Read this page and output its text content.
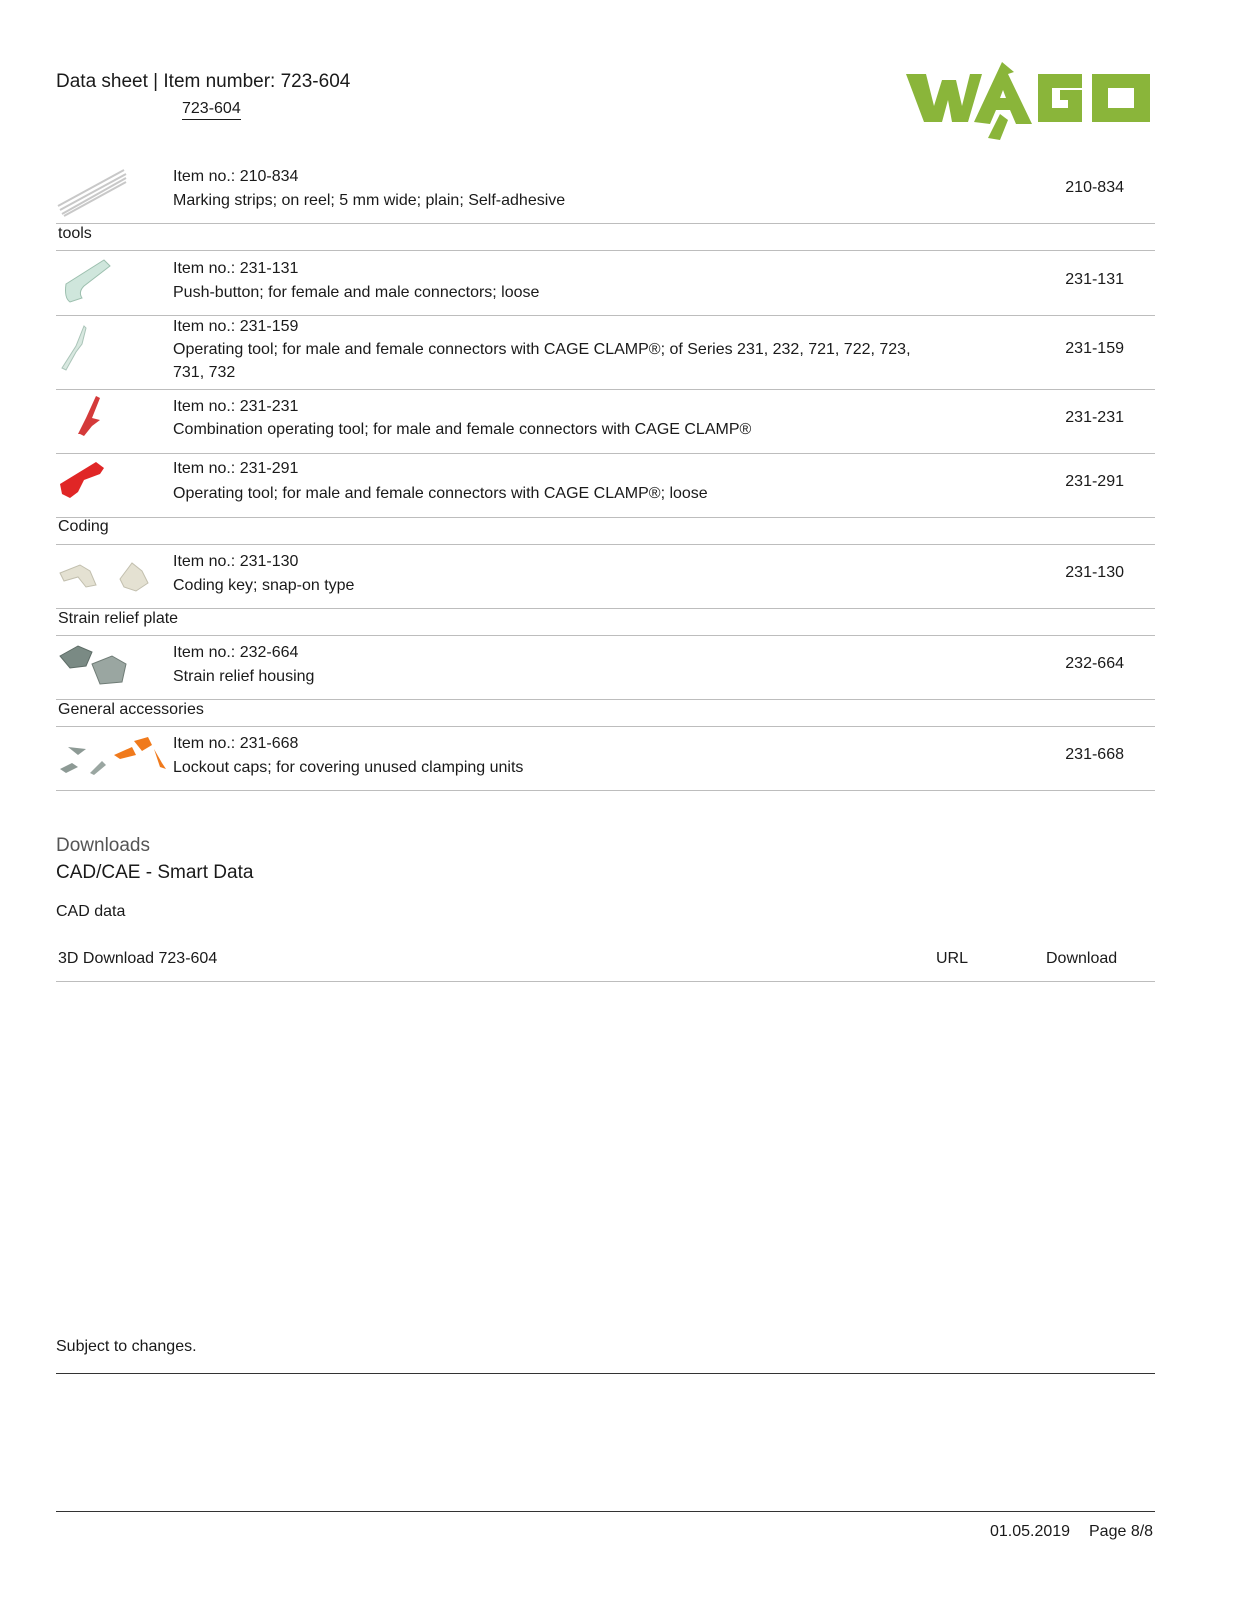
Data sheet | Item number: 723-604
723-604
Item no.: 210-834
Marking strips; on reel; 5 mm wide; plain; Self-adhesive
210-834
tools
Item no.: 231-131
Push-button; for female and male connectors; loose
231-131
Item no.: 231-159
Operating tool; for male and female connectors with CAGE CLAMP®; of Series 231, 232, 721, 722, 723, 731, 732
231-159
Item no.: 231-231
Combination operating tool; for male and female connectors with CAGE CLAMP®
231-231
Item no.: 231-291
Operating tool; for male and female connectors with CAGE CLAMP®; loose
231-291
Coding
Item no.: 231-130
Coding key; snap-on type
231-130
Strain relief plate
Item no.: 232-664
Strain relief housing
232-664
General accessories
Item no.: 231-668
Lockout caps; for covering unused clamping units
231-668
Downloads
CAD/CAE - Smart Data
CAD data
3D Download 723-604	URL	Download
Subject to changes.
01.05.2019 Page 8/8
